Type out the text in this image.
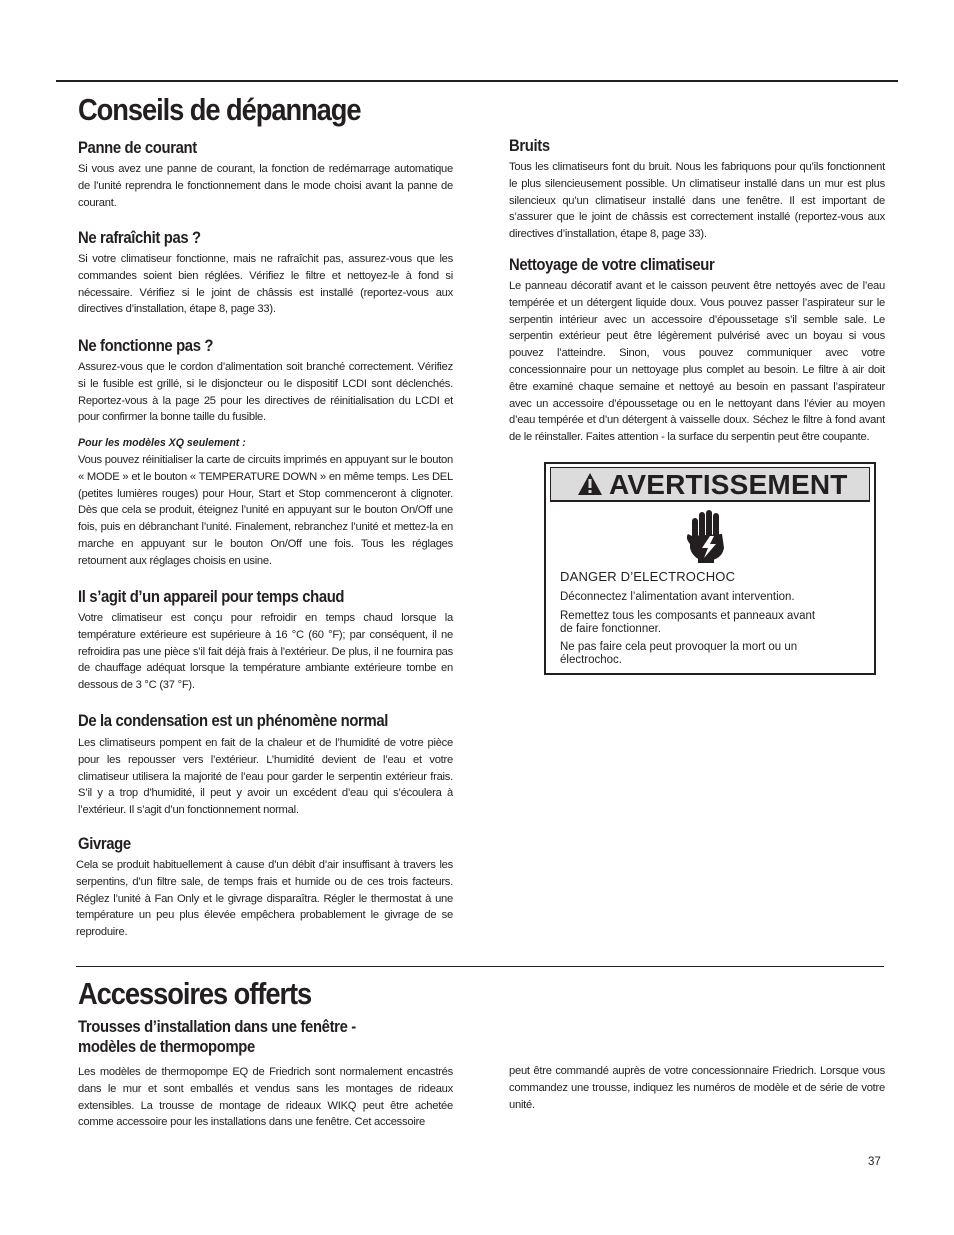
Conseils de dépannage
Panne de courant
Si vous avez une panne de courant, la fonction de redémarrage automatique de l’unité reprendra le fonctionnement dans le mode choisi avant la panne de courant.
Ne rafraîchit pas ?
Si votre climatiseur fonctionne, mais ne rafraîchit pas, assurez-vous que les commandes soient bien réglées. Vérifiez le filtre et nettoyez-le à fond si nécessaire. Vérifiez si le joint de châssis est installé (reportez-vous aux directives d’installation, étape 8, page 33).
Ne fonctionne pas ?
Assurez-vous que le cordon d’alimentation soit branché correctement. Vérifiez si le fusible est grillé, si le disjoncteur ou le dispositif LCDI sont déclenchés. Reportez-vous à la page 25 pour les directives de réinitialisation du LCDI et pour confirmer la bonne taille du fusible.
Pour les modèles XQ seulement :
Vous pouvez réinitialiser la carte de circuits imprimés en appuyant sur le bouton « MODE » et le bouton « TEMPERATURE DOWN » en même temps. Les DEL (petites lumières rouges) pour Hour, Start et Stop commenceront à clignoter. Dès que cela se produit, éteignez l’unité en appuyant sur le bouton On/Off une fois, puis en débranchant l’unité. Finalement, rebranchez l’unité et mettez-la en marche en appuyant sur le bouton On/Off une fois. Tous les réglages retournent aux réglages choisis en usine.
Il s’agit d’un appareil pour temps chaud
Votre climatiseur est conçu pour refroidir en temps chaud lorsque la température extérieure est supérieure à 16 °C (60 °F); par conséquent, il ne refroidira pas une pièce s’il fait déjà frais à l’extérieur. De plus, il ne fournira pas de chauffage adéquat lorsque la température ambiante extérieure tombe en dessous de 3 °C (37 °F).
De la condensation est un phénomène normal
Les climatiseurs pompent en fait de la chaleur et de l’humidité de votre pièce pour les repousser vers l’extérieur. L’humidité devient de l’eau et votre climatiseur utilisera la majorité de l’eau pour garder le serpentin extérieur frais. S’il y a trop d’humidité, il peut y avoir un excédent d’eau qui s’écoulera à l’extérieur. Il s’agit d’un fonctionnement normal.
Givrage
Cela se produit habituellement à cause d’un débit d’air insuffisant à travers les serpentins, d’un filtre sale, de temps frais et humide ou de ces trois facteurs. Réglez l’unité à Fan Only et le givrage disparaîtra. Régler le thermostat à une température un peu plus élevée empêchera probablement le givrage de se reproduire.
Bruits
Tous les climatiseurs font du bruit. Nous les fabriquons pour qu’ils fonctionnent le plus silencieusement possible. Un climatiseur installé dans un mur est plus silencieux qu’un climatiseur installé dans une fenêtre. Il est important de s’assurer que le joint de châssis est correctement installé (reportez-vous aux directives d’installation, étape 8, page 33).
Nettoyage de votre climatiseur
Le panneau décoratif avant et le caisson peuvent être nettoyés avec de l’eau tempérée et un détergent liquide doux. Vous pouvez passer l’aspirateur sur le serpentin intérieur avec un accessoire d’époussetage s’il semble sale. Le serpentin extérieur peut être légèrement pulvérisé avec un boyau si vous pouvez l’atteindre. Sinon, vous pouvez communiquer avec votre concessionnaire pour un nettoyage plus complet au besoin. Le filtre à air doit être examiné chaque semaine et nettoyé au besoin en passant l’aspirateur avec un accessoire d’époussetage ou en le nettoyant dans l’évier au moyen d’eau tempérée et d’un détergent à vaisselle doux. Séchez le filtre à fond avant de le réinstaller. Faites attention - la surface du serpentin peut être coupante.
AVERTISSEMENT
DANGER D’ELECTROCHOC
Déconnectez l’alimentation avant intervention.
Remettez tous les composants et panneaux avant de faire fonctionner.
Ne pas faire cela peut provoquer la mort ou un électrochoc.
Accessoires offerts
Trousses d’installation dans une fenêtre - modèles de thermopompe
Les modèles de thermopompe EQ de Friedrich sont normalement encastrés dans le mur et sont emballés et vendus sans les montages de rideaux extensibles. La trousse de montage de rideaux WIKQ peut être achetée comme accessoire pour les installations dans une fenêtre. Cet accessoire
peut être commandé auprès de votre concessionnaire Friedrich. Lorsque vous commandez une trousse, indiquez les numéros de modèle et de série de votre unité.
37
